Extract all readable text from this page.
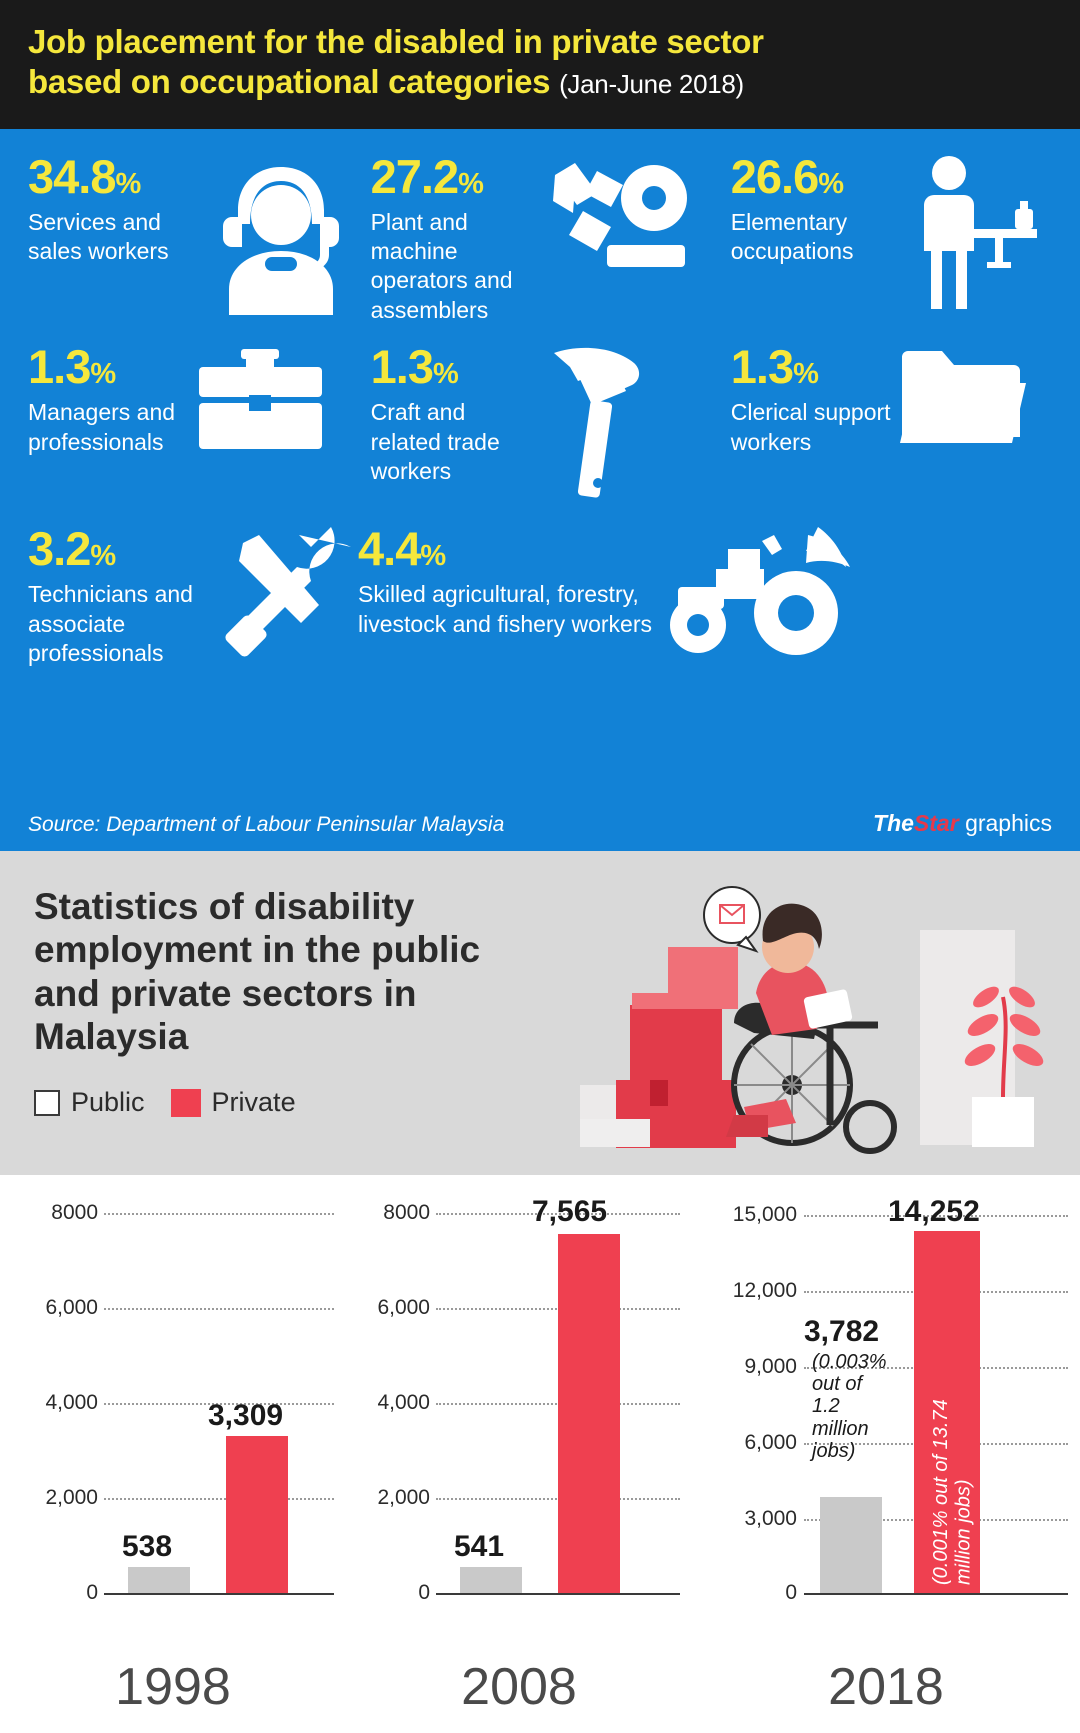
Job placement for the disabled in private sector
based on occupational categories (Jan-June 2018)
34.8%
Services and sales workers
27.2%
Plant and machine operators and assemblers
26.6%
Elementary occupations
1.3%
Managers and professionals
1.3%
Craft and related trade workers
1.3%
Clerical support workers
3.2%
Technicians and associate professionals
4.4%
Skilled agricultural, forestry, livestock and fishery workers
Source: Department of Labour Peninsular Malaysia	TheStar graphics
Statistics of disability employment in the public and private sectors in Malaysia
Public Private
8000
6,000
4,000
2,000
0
538
3,309
1998
8000
6,000
4,000
2,000
0
541
7,565
2008
15,000
12,000
9,000
6,000
3,000
0
3,782
(0.003% out of 1.2 million jobs)
14,252
(0.001% out of 13.74 million jobs)
2018
